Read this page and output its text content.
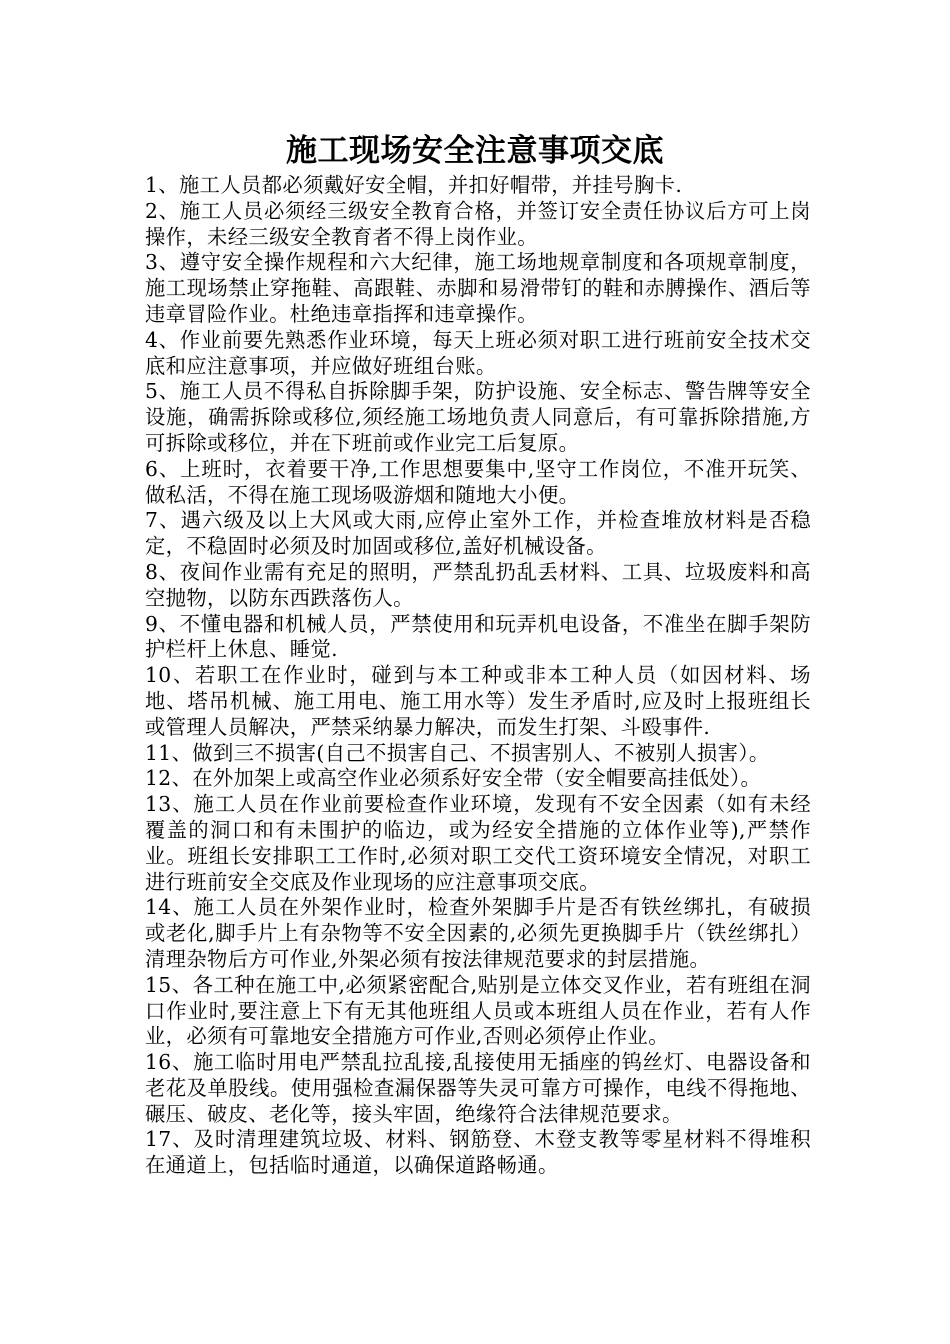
施工现场安全注意事项交底

1、施工人员都必须戴好安全帽，并扣好帽带，并挂号胸卡.

2、施工人员必须经三级安全教育合格，并签订安全责任协议后方可上岗操作，未经三级安全教育者不得上岗作业。

3、遵守安全操作规程和六大纪律，施工场地规章制度和各项规章制度，施工现场禁止穿拖鞋、高跟鞋、赤脚和易滑带钉的鞋和赤膊操作、酒后等违章冒险作业。杜绝违章指挥和违章操作。

4、作业前要先熟悉作业环境，每天上班必须对职工进行班前安全技术交底和应注意事项，并应做好班组台账。

5、施工人员不得私自拆除脚手架，防护设施、安全标志、警告牌等安全设施，确需拆除或移位,须经施工场地负责人同意后，有可靠拆除措施,方可拆除或移位，并在下班前或作业完工后复原。

6、上班时，衣着要干净,工作思想要集中,坚守工作岗位，不准开玩笑、做私活，不得在施工现场吸游烟和随地大小便。

7、遇六级及以上大风或大雨,应停止室外工作，并检查堆放材料是否稳定，不稳固时必须及时加固或移位,盖好机械设备。

8、夜间作业需有充足的照明，严禁乱扔乱丢材料、工具、垃圾废料和高空抛物，以防东西跌落伤人。

9、不懂电器和机械人员，严禁使用和玩弄机电设备，不准坐在脚手架防护栏杆上休息、睡觉.

10、若职工在作业时，碰到与本工种或非本工种人员（如因材料、场地、塔吊机械、施工用电、施工用水等）发生矛盾时,应及时上报班组长或管理人员解决，严禁采纳暴力解决，而发生打架、斗殴事件.

11、做到三不损害(自己不损害自己、不损害别人、不被别人损害）。

12、在外加架上或高空作业必须系好安全带（安全帽要高挂低处）。

13、施工人员在作业前要检查作业环境，发现有不安全因素（如有未经覆盖的洞口和有未围护的临边，或为经安全措施的立体作业等),严禁作业。班组长安排职工工作时,必须对职工交代工资环境安全情况，对职工进行班前安全交底及作业现场的应注意事项交底。

14、施工人员在外架作业时，检查外架脚手片是否有铁丝绑扎，有破损或老化,脚手片上有杂物等不安全因素的,必须先更换脚手片（铁丝绑扎）清理杂物后方可作业,外架必须有按法律规范要求的封层措施。

15、各工种在施工中,必须紧密配合,贴别是立体交叉作业，若有班组在洞口作业时,要注意上下有无其他班组人员或本班组人员在作业，若有人作业，必须有可靠地安全措施方可作业,否则必须停止作业。

16、施工临时用电严禁乱拉乱接,乱接使用无插座的钨丝灯、电器设备和老花及单股线。使用强检查漏保器等失灵可靠方可操作，电线不得拖地、碾压、破皮、老化等，接头牢固，绝缘符合法律规范要求。

17、及时清理建筑垃圾、材料、钢筋登、木登支教等零星材料不得堆积在通道上，包括临时通道，以确保道路畅通。
